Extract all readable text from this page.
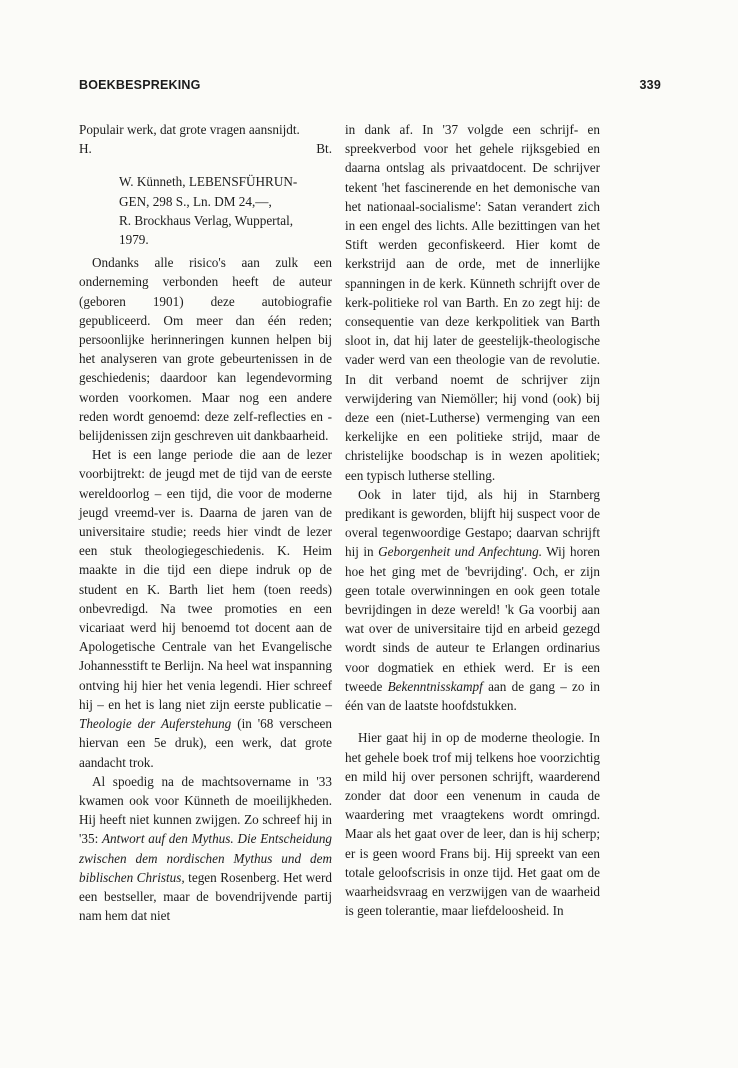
BOEKBESPREKING	339

Populair werk, dat grote vragen aansnijdt.

H.	Bt.
W. Künneth, LEBENSFÜHRUN-
GEN, 298 S., Ln. DM 24,—,
R. Brockhaus Verlag, Wuppertal,
1979.

Ondanks alle risico's aan zulk een onderneming verbonden heeft de auteur (geboren 1901) deze autobiografie gepubliceerd. Om meer dan één reden; persoonlijke herinneringen kunnen helpen bij het analyseren van grote gebeurtenissen in de geschiedenis; daardoor kan legendevorming worden voorkomen. Maar nog een andere reden wordt genoemd: deze zelf-reflecties en -belijdenissen zijn geschreven uit dankbaarheid.

Het is een lange periode die aan de lezer voorbijtrekt: de jeugd met de tijd van de eerste wereldoorlog – een tijd, die voor de moderne jeugd vreemd-ver is. Daarna de jaren van de universitaire studie; reeds hier vindt de lezer een stuk theologiegeschiedenis. K. Heim maakte in die tijd een diepe indruk op de student en K. Barth liet hem (toen reeds) onbevredigd. Na twee promoties en een vicariaat werd hij benoemd tot docent aan de Apologetische Centrale van het Evangelische Johannesstift te Berlijn. Na heel wat inspanning ontving hij hier het venia legendi. Hier schreef hij – en het is lang niet zijn eerste publicatie – Theologie der Auferstehung (in '68 verscheen hiervan een 5e druk), een werk, dat grote aandacht trok.

Al spoedig na de machtsovername in '33 kwamen ook voor Künneth de moeilijkheden. Hij heeft niet kunnen zwijgen. Zo schreef hij in '35: Antwort auf den Mythus. Die Entscheidung zwischen dem nordischen Mythus und dem biblischen Christus, tegen Rosenberg. Het werd een bestseller, maar de bovendrijvende partij nam hem dat niet

in dank af. In '37 volgde een schrijf- en spreekverbod voor het gehele rijksgebied en daarna ontslag als privaatdocent. De schrijver tekent 'het fascinerende en het demonische van het nationaal-socialisme': Satan verandert zich in een engel des lichts. Alle bezittingen van het Stift werden geconfiskeerd. Hier komt de kerkstrijd aan de orde, met de innerlijke spanningen in de kerk. Künneth schrijft over de kerk-politieke rol van Barth. En zo zegt hij: de consequentie van deze kerkpolitiek van Barth sloot in, dat hij later de geestelijk-theologische vader werd van een theologie van de revolutie. In dit verband noemt de schrijver zijn verwijdering van Niemöller; hij vond (ook) bij deze een (niet-Lutherse) vermenging van een kerkelijke en een politieke strijd, maar de christelijke boodschap is in wezen apolitiek; een typisch lutherse stelling.

Ook in later tijd, als hij in Starnberg predikant is geworden, blijft hij suspect voor de overal tegenwoordige Gestapo; daarvan schrijft hij in Geborgenheit und Anfechtung. Wij horen hoe het ging met de 'bevrijding'. Och, er zijn geen totale overwinningen en ook geen totale bevrijdingen in deze wereld! 'k Ga voorbij aan wat over de universitaire tijd en arbeid gezegd wordt sinds de auteur te Erlangen ordinarius voor dogmatiek en ethiek werd. Er is een tweede Bekenntnisskampf aan de gang – zo in één van de laatste hoofdstukken.

Hier gaat hij in op de moderne theologie. In het gehele boek trof mij telkens hoe voorzichtig en mild hij over personen schrijft, waarderend zonder dat door een venenum in cauda de waardering met vraagtekens wordt omringd. Maar als het gaat over de leer, dan is hij scherp; er is geen woord Frans bij. Hij spreekt van een totale geloofscrisis in onze tijd. Het gaat om de waarheidsvraag en verzwijgen van de waarheid is geen tolerantie, maar liefdeloosheid. In
